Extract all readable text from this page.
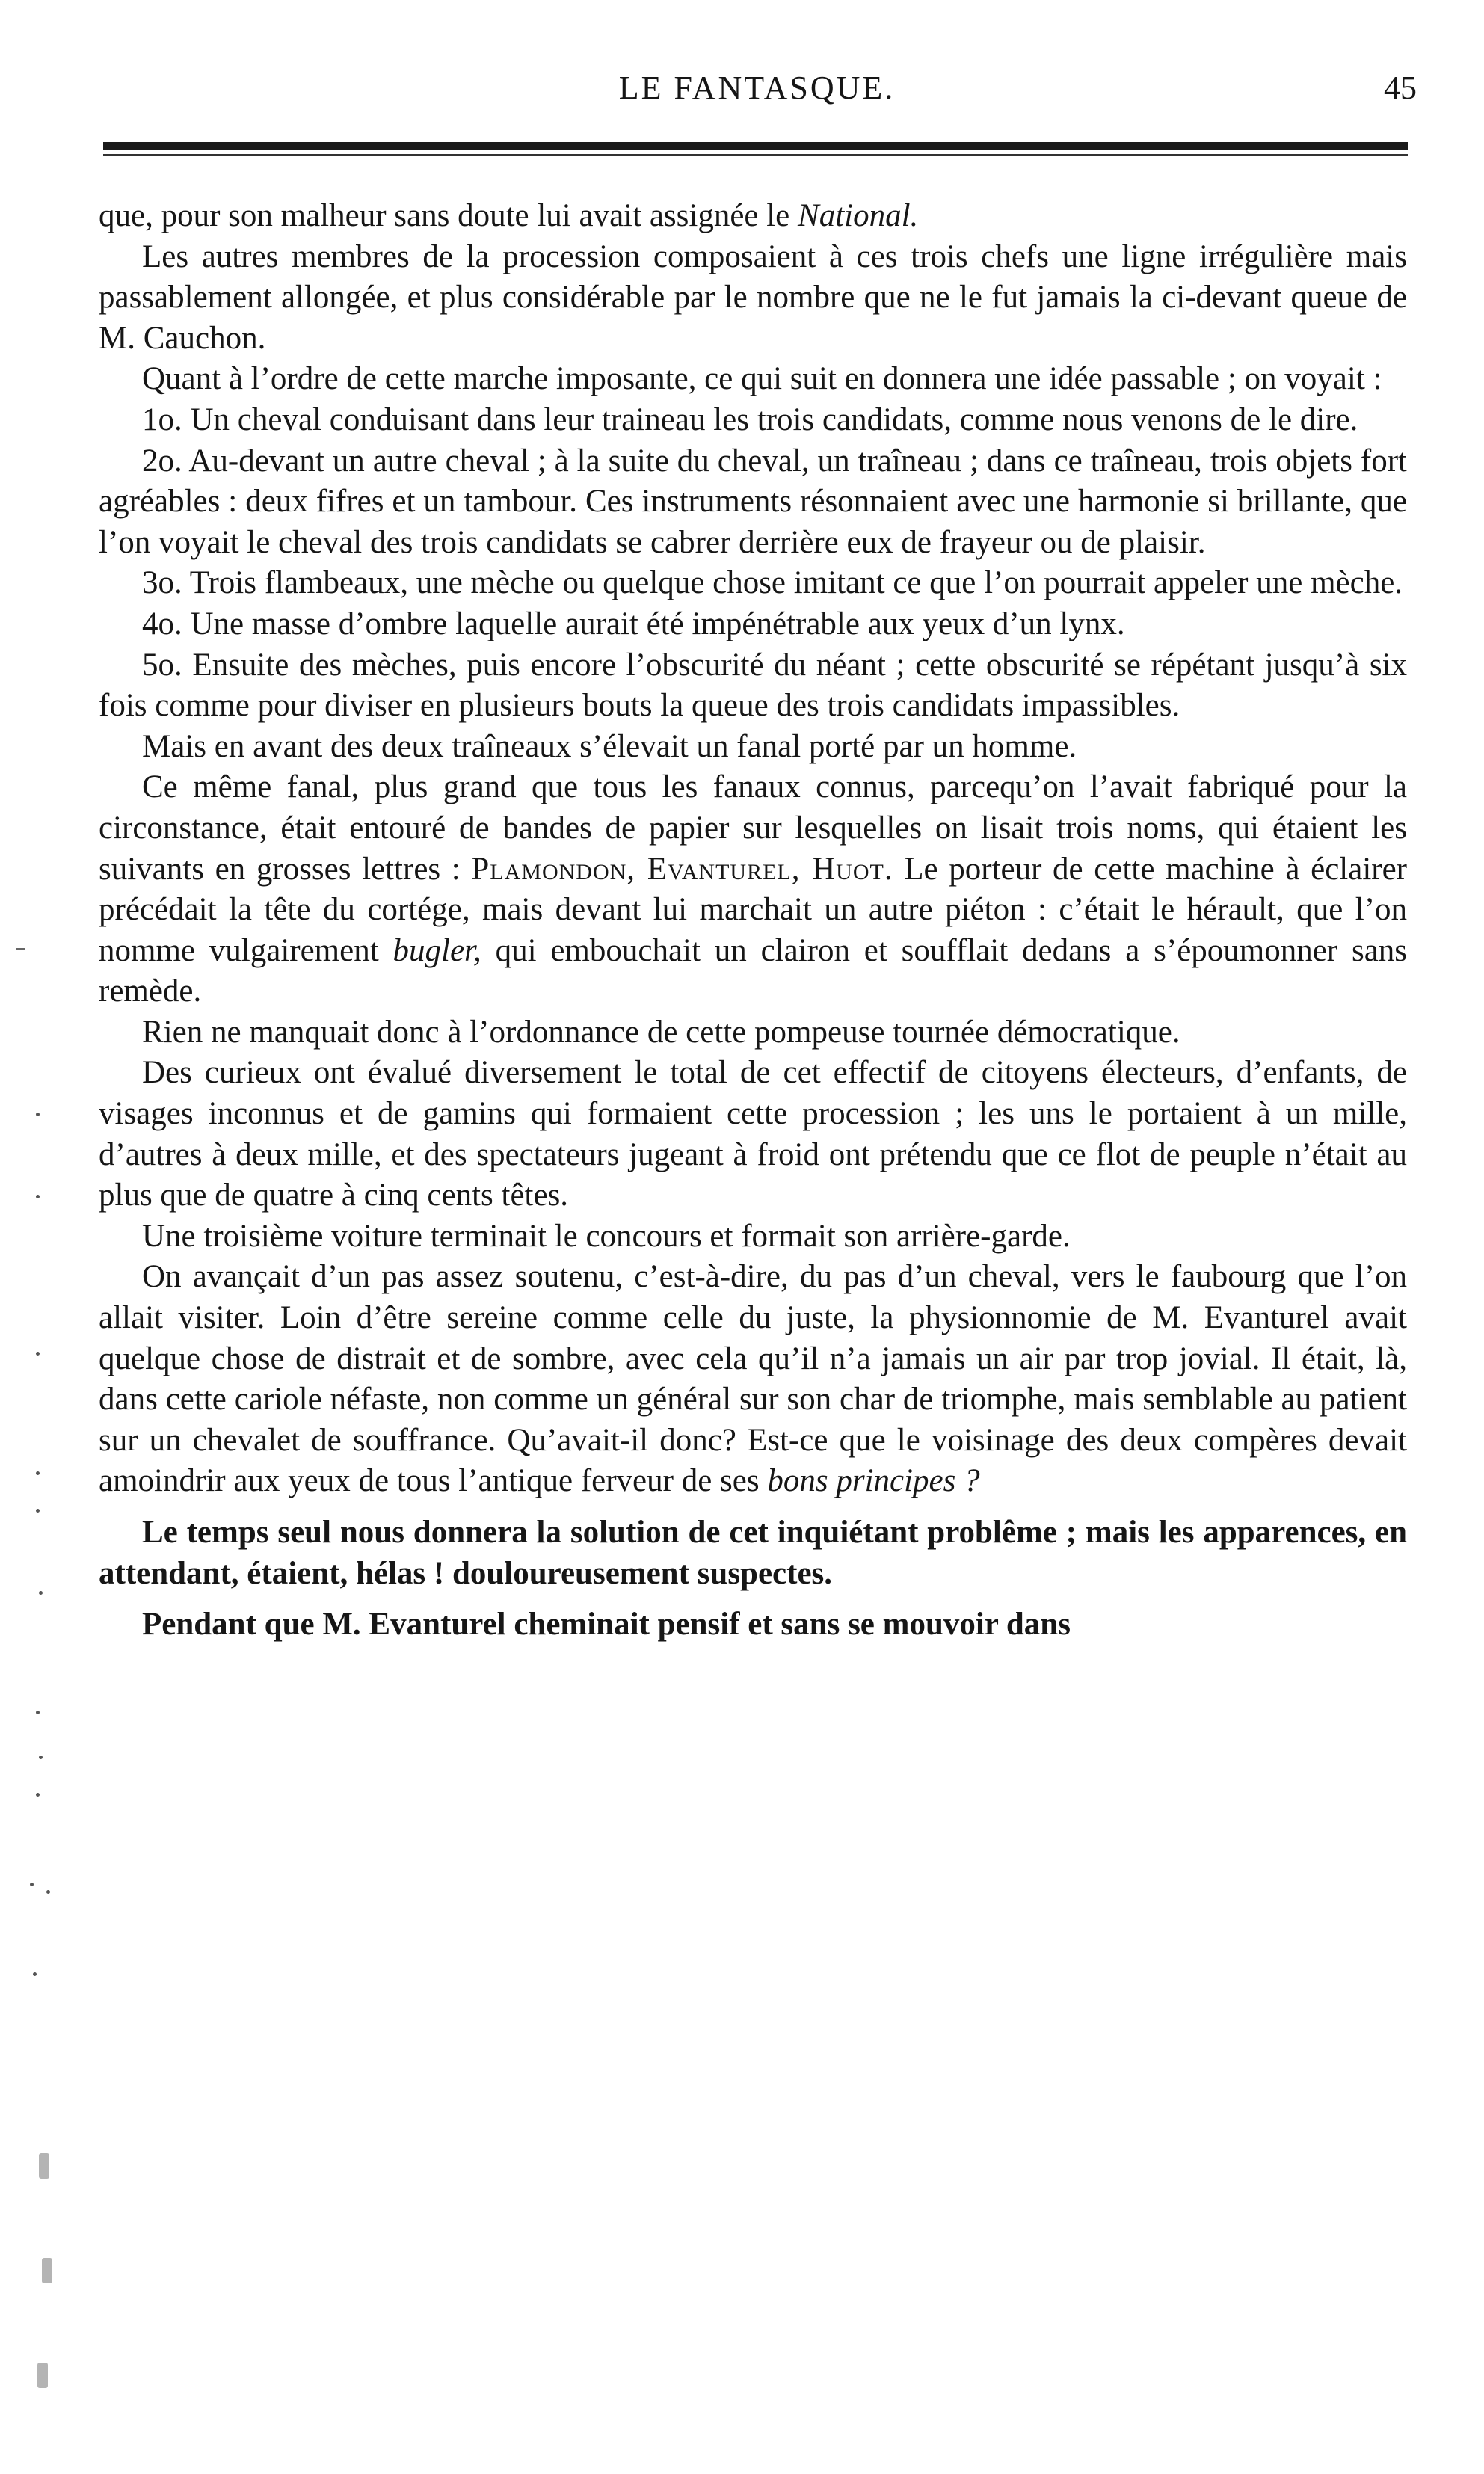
LE FANTASQUE.	45

que, pour son malheur sans doute lui avait assignée le National.

Les autres membres de la procession composaient à ces trois chefs une ligne irrégulière mais passablement allongée, et plus considérable par le nombre que ne le fut jamais la ci-devant queue de M. Cauchon.

Quant à l’ordre de cette marche imposante, ce qui suit en donnera une idée passable ; on voyait :

1o. Un cheval conduisant dans leur traineau les trois candidats, comme nous venons de le dire.

2o. Au-devant un autre cheval ; à la suite du cheval, un traîneau ; dans ce traîneau, trois objets fort agréables : deux fifres et un tambour. Ces instruments résonnaient avec une harmonie si brillante, que l’on voyait le cheval des trois candidats se cabrer derrière eux de frayeur ou de plaisir.

3o. Trois flambeaux, une mèche ou quelque chose imitant ce que l’on pourrait appeler une mèche.

4o. Une masse d’ombre laquelle aurait été impénétrable aux yeux d’un lynx.

5o. Ensuite des mèches, puis encore l’obscurité du néant ; cette obscurité se répétant jusqu’à six fois comme pour diviser en plusieurs bouts la queue des trois candidats impassibles.

Mais en avant des deux traîneaux s’élevait un fanal porté par un homme.

Ce même fanal, plus grand que tous les fanaux connus, parcequ’on l’avait fabriqué pour la circonstance, était entouré de bandes de papier sur lesquelles on lisait trois noms, qui étaient les suivants en grosses lettres : Plamondon, Evanturel, Huot. Le porteur de cette machine à éclairer précédait la tête du cortége, mais devant lui marchait un autre piéton : c’était le hérault, que l’on nomme vulgairement bugler, qui embouchait un clairon et soufflait dedans a s’époumonner sans remède.

Rien ne manquait donc à l’ordonnance de cette pompeuse tournée démocratique.

Des curieux ont évalué diversement le total de cet effectif de citoyens électeurs, d’enfants, de visages inconnus et de gamins qui formaient cette procession ; les uns le portaient à un mille, d’autres à deux mille, et des spectateurs jugeant à froid ont prétendu que ce flot de peuple n’était au plus que de quatre à cinq cents têtes.

Une troisième voiture terminait le concours et formait son arrière-garde.

On avançait d’un pas assez soutenu, c’est-à-dire, du pas d’un cheval, vers le faubourg que l’on allait visiter. Loin d’être sereine comme celle du juste, la physionnomie de M. Evanturel avait quelque chose de distrait et de sombre, avec cela qu’il n’a jamais un air par trop jovial. Il était, là, dans cette cariole néfaste, non comme un général sur son char de triomphe, mais semblable au patient sur un chevalet de souffrance. Qu’avait-il donc? Est-ce que le voisinage des deux compères devait amoindrir aux yeux de tous l’antique ferveur de ses bons principes ?

Le temps seul nous donnera la solution de cet inquiétant problême ; mais les apparences, en attendant, étaient, hélas ! douloureusement suspectes.

Pendant que M. Evanturel cheminait pensif et sans se mouvoir dans
